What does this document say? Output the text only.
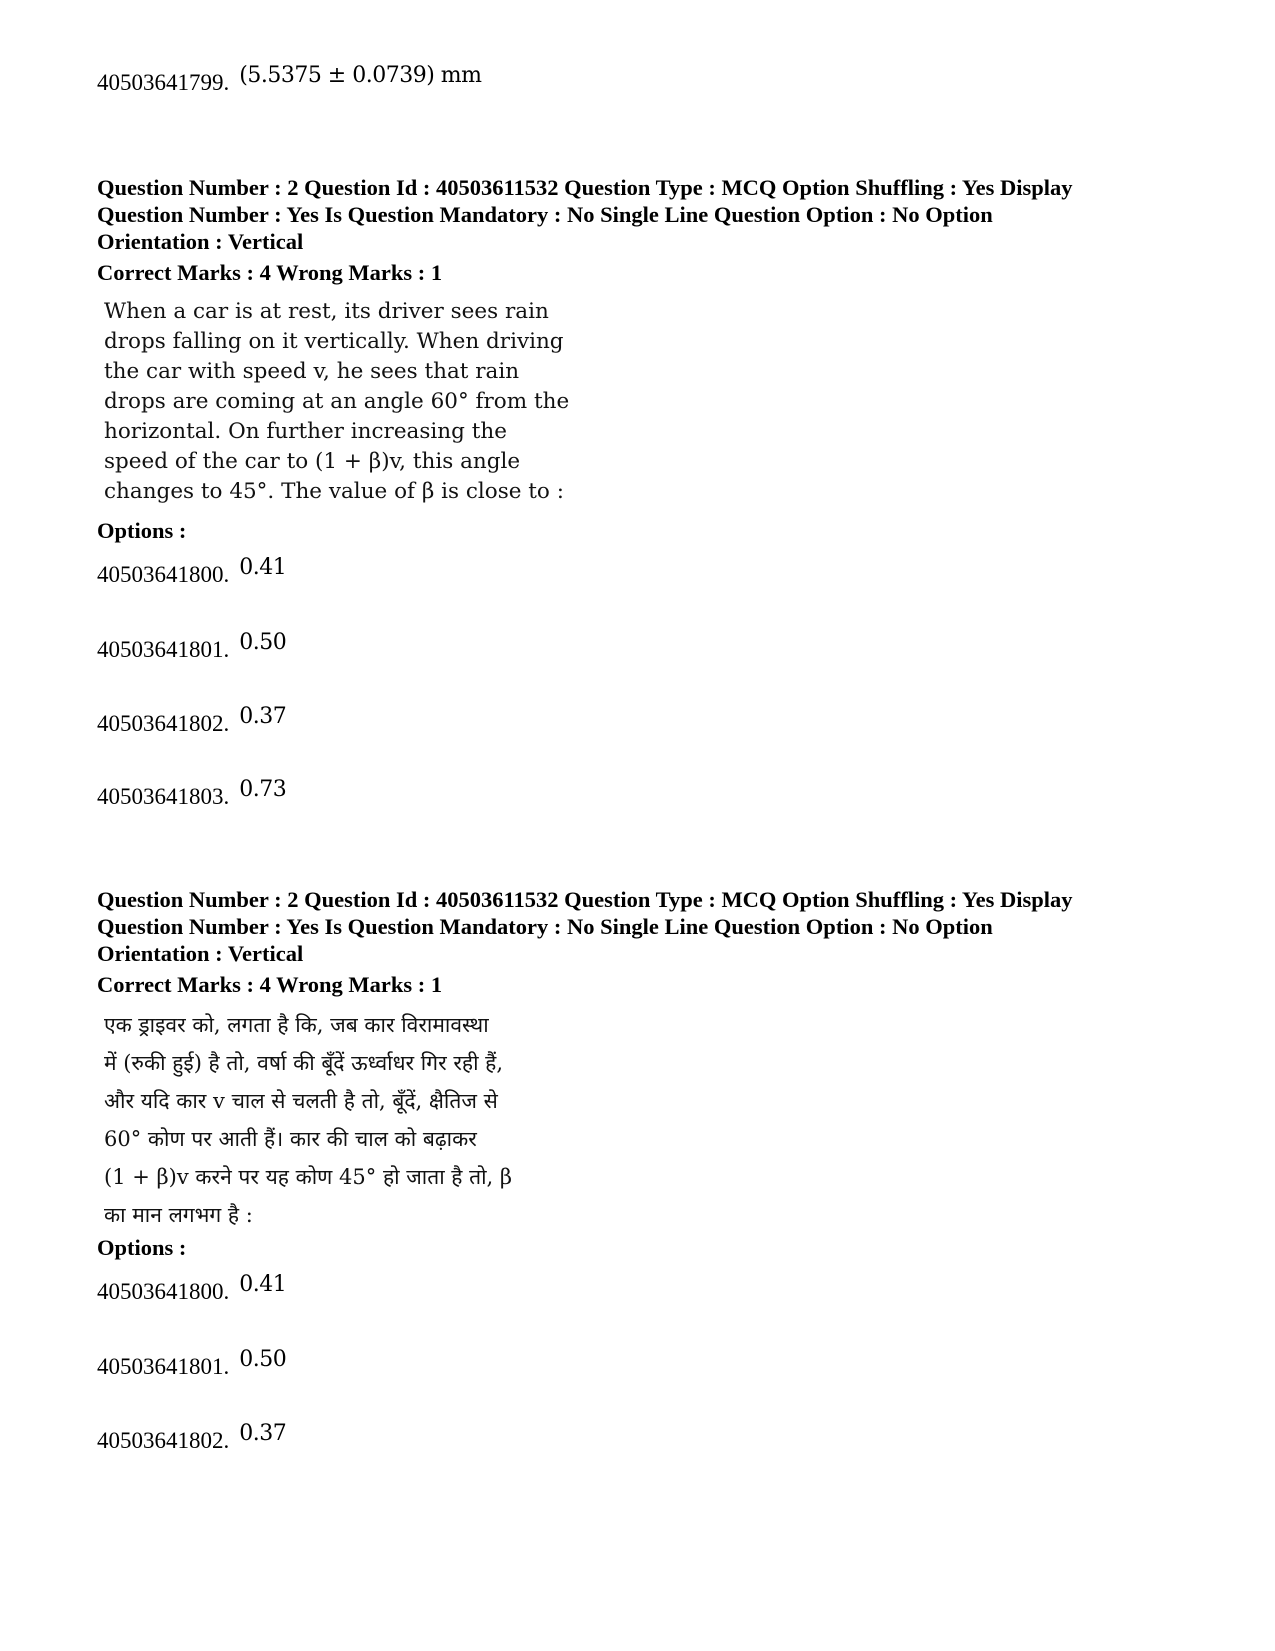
40503641799. (5.5375 ± 0.0739) mm

Question Number : 2 Question Id : 40503611532 Question Type : MCQ Option Shuffling : Yes Display

Question Number : Yes Is Question Mandatory : No Single Line Question Option : No Option

Orientation : Vertical

Correct Marks : 4 Wrong Marks : 1

When a car is at rest, its driver sees rain

drops falling on it vertically. When driving

the car with speed v, he sees that rain

drops are coming at an angle 60° from the

horizontal. On further increasing the

speed of the car to (1 + β)v, this angle

changes to 45°. The value of β is close to :

Options :
40503641800. 0.41
40503641801. 0.50
40503641802. 0.37
40503641803. 0.73

Question Number : 2 Question Id : 40503611532 Question Type : MCQ Option Shuffling : Yes Display

Question Number : Yes Is Question Mandatory : No Single Line Question Option : No Option

Orientation : Vertical

Correct Marks : 4 Wrong Marks : 1

एक ड्राइवर को, लगता है कि, जब कार विरामावस्था

में (रुकी हुई) है तो, वर्षा की बूँदें ऊर्ध्वाधर गिर रही हैं,

और यदि कार v चाल से चलती है तो, बूँदें, क्षैतिज से

60° कोण पर आती हैं। कार की चाल को बढ़ाकर

(1 + β)v करने पर यह कोण 45° हो जाता है तो, β

का मान लगभग है :

Options :
40503641800. 0.41
40503641801. 0.50
40503641802. 0.37
